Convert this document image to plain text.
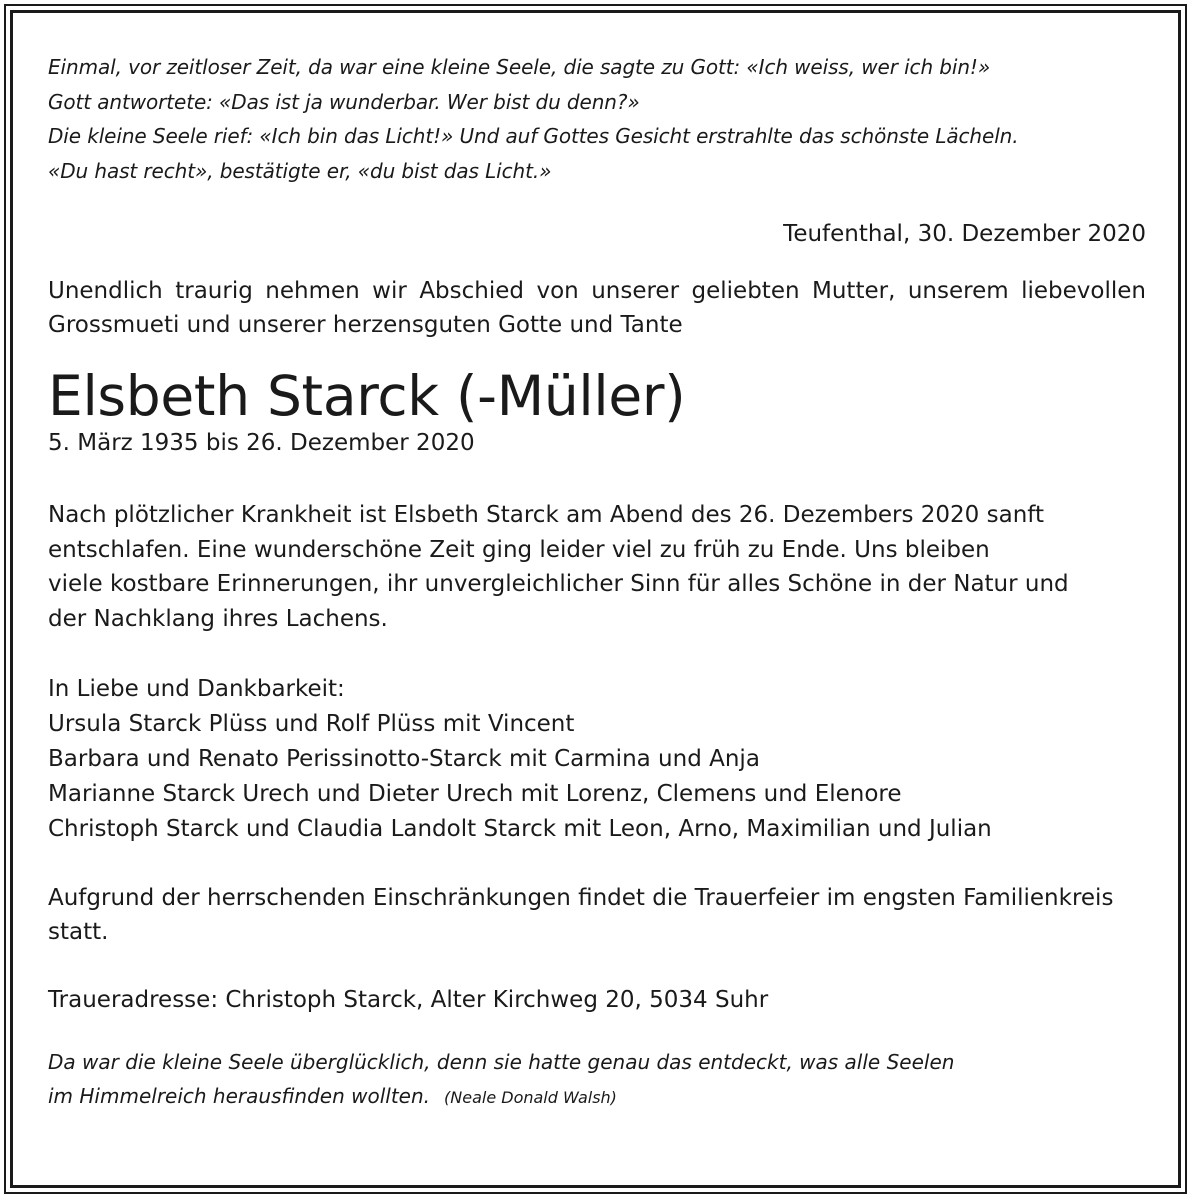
Einmal, vor zeitloser Zeit, da war eine kleine Seele, die sagte zu Gott: «Ich weiss, wer ich bin!»
Gott antwortete: «Das ist ja wunderbar. Wer bist du denn?»
Die kleine Seele rief: «Ich bin das Licht!» Und auf Gottes Gesicht erstrahlte das schönste Lächeln.
«Du hast recht», bestätigte er, «du bist das Licht.»
Teufenthal, 30. Dezember 2020
Unendlich traurig nehmen wir Abschied von unserer geliebten Mutter, unserem liebevollen Grossmueti und unserer herzensguten Gotte und Tante
Elsbeth Starck (-Müller)
5. März 1935 bis 26. Dezember 2020
Nach plötzlicher Krankheit ist Elsbeth Starck am Abend des 26. Dezembers 2020 sanft
entschlafen. Eine wunderschöne Zeit ging leider viel zu früh zu Ende. Uns bleiben
viele kostbare Erinnerungen, ihr unvergleichlicher Sinn für alles Schöne in der Natur und
der Nachklang ihres Lachens.
In Liebe und Dankbarkeit:
Ursula Starck Plüss und Rolf Plüss mit Vincent
Barbara und Renato Perissinotto-Starck mit Carmina und Anja
Marianne Starck Urech und Dieter Urech mit Lorenz, Clemens und Elenore
Christoph Starck und Claudia Landolt Starck mit Leon, Arno, Maximilian und Julian
Aufgrund der herrschenden Einschränkungen findet die Trauerfeier im engsten Familienkreis statt.
Traueradresse: Christoph Starck, Alter Kirchweg 20, 5034 Suhr
Da war die kleine Seele überglücklich, denn sie hatte genau das entdeckt, was alle Seelen
im Himmelreich herausfinden wollten. (Neale Donald Walsh)
